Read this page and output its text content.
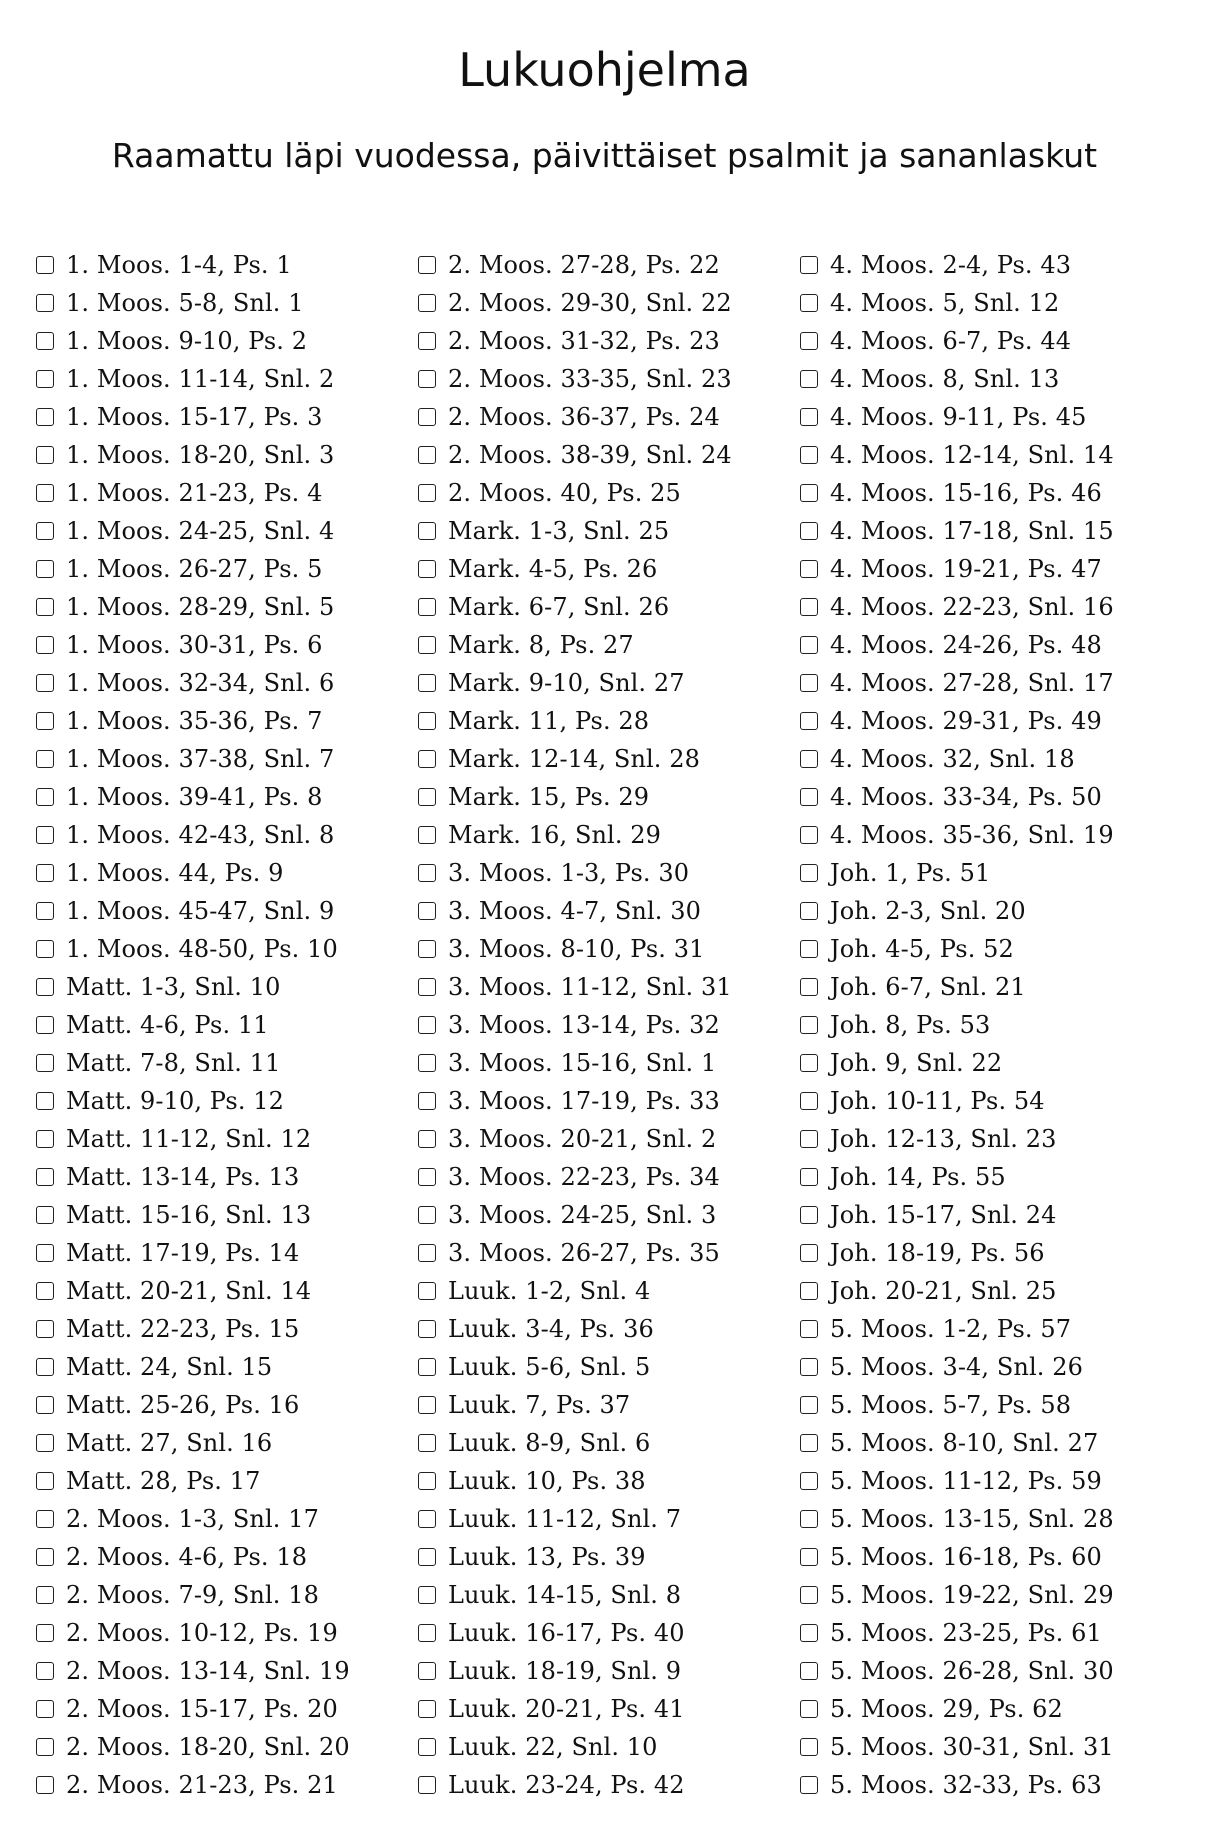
Lukuohjelma
Raamattu läpi vuodessa, päivittäiset psalmit ja sananlaskut
1. Moos. 1-4, Ps. 1
1. Moos. 5-8, Snl. 1
1. Moos. 9-10, Ps. 2
1. Moos. 11-14, Snl. 2
1. Moos. 15-17, Ps. 3
1. Moos. 18-20, Snl. 3
1. Moos. 21-23, Ps. 4
1. Moos. 24-25, Snl. 4
1. Moos. 26-27, Ps. 5
1. Moos. 28-29, Snl. 5
1. Moos. 30-31, Ps. 6
1. Moos. 32-34, Snl. 6
1. Moos. 35-36, Ps. 7
1. Moos. 37-38, Snl. 7
1. Moos. 39-41, Ps. 8
1. Moos. 42-43, Snl. 8
1. Moos. 44, Ps. 9
1. Moos. 45-47, Snl. 9
1. Moos. 48-50, Ps. 10
Matt. 1-3, Snl. 10
Matt. 4-6, Ps. 11
Matt. 7-8, Snl. 11
Matt. 9-10, Ps. 12
Matt. 11-12, Snl. 12
Matt. 13-14, Ps. 13
Matt. 15-16, Snl. 13
Matt. 17-19, Ps. 14
Matt. 20-21, Snl. 14
Matt. 22-23, Ps. 15
Matt. 24, Snl. 15
Matt. 25-26, Ps. 16
Matt. 27, Snl. 16
Matt. 28, Ps. 17
2. Moos. 1-3, Snl. 17
2. Moos. 4-6, Ps. 18
2. Moos. 7-9, Snl. 18
2. Moos. 10-12, Ps. 19
2. Moos. 13-14, Snl. 19
2. Moos. 15-17, Ps. 20
2. Moos. 18-20, Snl. 20
2. Moos. 21-23, Ps. 21
2. Moos. 27-28, Ps. 22
2. Moos. 29-30, Snl. 22
2. Moos. 31-32, Ps. 23
2. Moos. 33-35, Snl. 23
2. Moos. 36-37, Ps. 24
2. Moos. 38-39, Snl. 24
2. Moos. 40, Ps. 25
Mark. 1-3, Snl. 25
Mark. 4-5, Ps. 26
Mark. 6-7, Snl. 26
Mark. 8, Ps. 27
Mark. 9-10, Snl. 27
Mark. 11, Ps. 28
Mark. 12-14, Snl. 28
Mark. 15, Ps. 29
Mark. 16, Snl. 29
3. Moos. 1-3, Ps. 30
3. Moos. 4-7, Snl. 30
3. Moos. 8-10, Ps. 31
3. Moos. 11-12, Snl. 31
3. Moos. 13-14, Ps. 32
3. Moos. 15-16, Snl. 1
3. Moos. 17-19, Ps. 33
3. Moos. 20-21, Snl. 2
3. Moos. 22-23, Ps. 34
3. Moos. 24-25, Snl. 3
3. Moos. 26-27, Ps. 35
Luuk. 1-2, Snl. 4
Luuk. 3-4, Ps. 36
Luuk. 5-6, Snl. 5
Luuk. 7, Ps. 37
Luuk. 8-9, Snl. 6
Luuk. 10, Ps. 38
Luuk. 11-12, Snl. 7
Luuk. 13, Ps. 39
Luuk. 14-15, Snl. 8
Luuk. 16-17, Ps. 40
Luuk. 18-19, Snl. 9
Luuk. 20-21, Ps. 41
Luuk. 22, Snl. 10
Luuk. 23-24, Ps. 42
4. Moos. 2-4, Ps. 43
4. Moos. 5, Snl. 12
4. Moos. 6-7, Ps. 44
4. Moos. 8, Snl. 13
4. Moos. 9-11, Ps. 45
4. Moos. 12-14, Snl. 14
4. Moos. 15-16, Ps. 46
4. Moos. 17-18, Snl. 15
4. Moos. 19-21, Ps. 47
4. Moos. 22-23, Snl. 16
4. Moos. 24-26, Ps. 48
4. Moos. 27-28, Snl. 17
4. Moos. 29-31, Ps. 49
4. Moos. 32, Snl. 18
4. Moos. 33-34, Ps. 50
4. Moos. 35-36, Snl. 19
Joh. 1, Ps. 51
Joh. 2-3, Snl. 20
Joh. 4-5, Ps. 52
Joh. 6-7, Snl. 21
Joh. 8, Ps. 53
Joh. 9, Snl. 22
Joh. 10-11, Ps. 54
Joh. 12-13, Snl. 23
Joh. 14, Ps. 55
Joh. 15-17, Snl. 24
Joh. 18-19, Ps. 56
Joh. 20-21, Snl. 25
5. Moos. 1-2, Ps. 57
5. Moos. 3-4, Snl. 26
5. Moos. 5-7, Ps. 58
5. Moos. 8-10, Snl. 27
5. Moos. 11-12, Ps. 59
5. Moos. 13-15, Snl. 28
5. Moos. 16-18, Ps. 60
5. Moos. 19-22, Snl. 29
5. Moos. 23-25, Ps. 61
5. Moos. 26-28, Snl. 30
5. Moos. 29, Ps. 62
5. Moos. 30-31, Snl. 31
5. Moos. 32-33, Ps. 63
